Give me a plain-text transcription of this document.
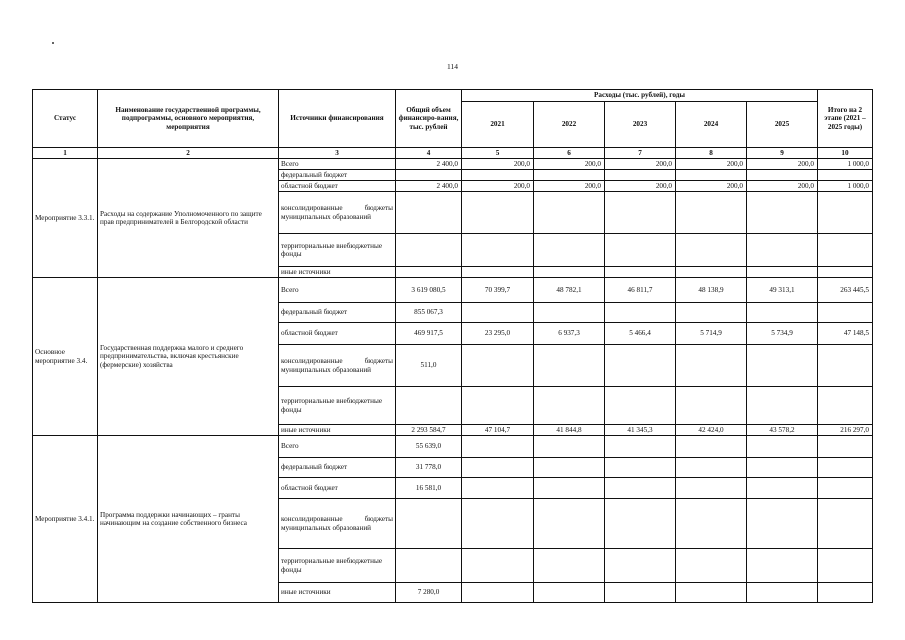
114
Статус	Наименование государственной программы, подпрограммы, основного мероприятия, мероприятия	Источники финансирования	Общий объем финансиро-вания, тыс. рублей	Расходы (тыс. рублей), годы					Итого на 2 этапе (2021 – 2025 годы)
				2021	2022	2023	2024	2025	
1	2	3	4	5	6	7	8	9	10
Мероприятие 3.3.1.	Расходы на содержание Уполномоченного по защите прав предпринимателей в Белгородской области	Всего	2 400,0	200,0	200,0	200,0	200,0	200,0	1 000,0
		федеральный бюджет							
		областной бюджет	2 400,0	200,0	200,0	200,0	200,0	200,0	1 000,0
		консолидированные бюджеты муниципальных образований							
		территориальные внебюджетные фонды							
		иные источники							
Основное мероприятие 3.4.	Государственная поддержка малого и среднего предпринимательства, включая крестьянские (фермерские) хозяйства	Всего	3 619 080,5	70 399,7	48 782,1	46 811,7	48 138,9	49 313,1	263 445,5
		федеральный бюджет	855 067,3						
		областной бюджет	469 917,5	23 295,0	6 937,3	5 466,4	5 714,9	5 734,9	47 148,5
		консолидированные бюджеты муниципальных образований	511,0						
		территориальные внебюджетные фонды							
		иные источники	2 293 584,7	47 104,7	41 844,8	41 345,3	42 424,0	43 578,2	216 297,0
Мероприятие 3.4.1.	Программа поддержки начинающих – гранты начинающим на создание собственного бизнеса	Всего	55 639,0						
		федеральный бюджет	31 778,0						
		областной бюджет	16 581,0						
		консолидированные бюджеты муниципальных образований							
		территориальные внебюджетные фонды							
		иные источники	7 280,0						
